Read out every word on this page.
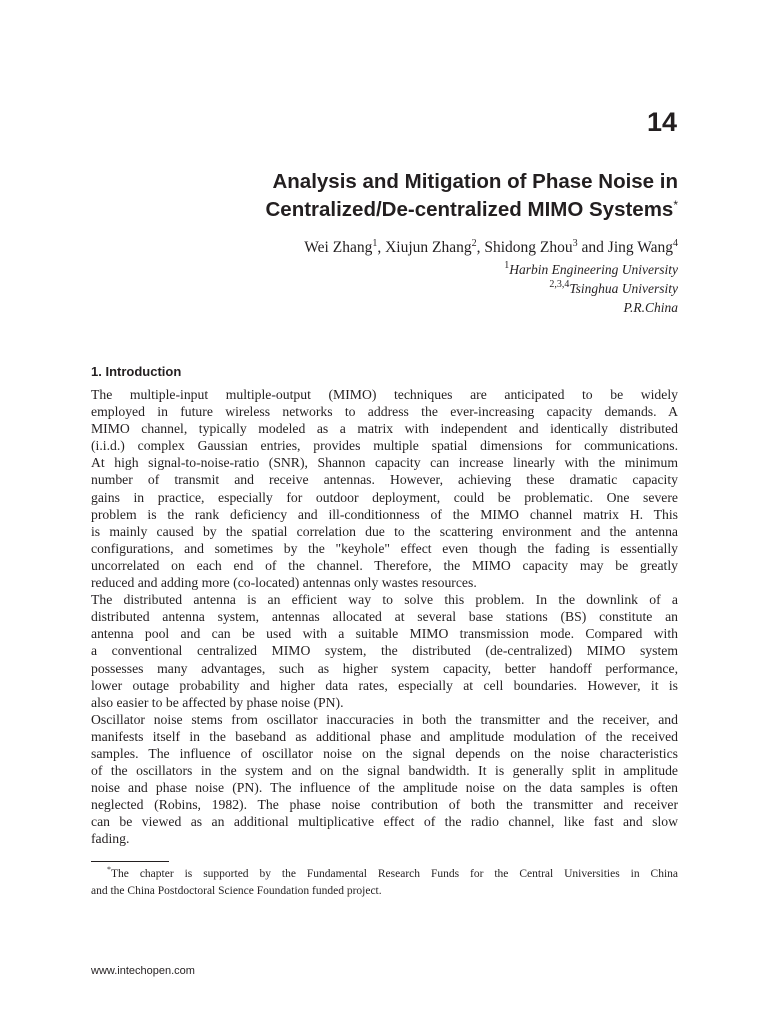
14
Analysis and Mitigation of Phase Noise in
Centralized/De-centralized MIMO Systems*
Wei Zhang$^1$, Xiujun Zhang$^2$, Shidong Zhou$^3$ and Jing Wang$^4$
$^1$Harbin Engineering University
$^{2,3,4}$Tsinghua University
P.R.China
1. Introduction
The multiple-input multiple-output (MIMO) techniques are anticipated to be widely
employed in future wireless networks to address the ever-increasing capacity demands. A
MIMO channel, typically modeled as a matrix with independent and identically distributed
(i.i.d.) complex Gaussian entries, provides multiple spatial dimensions for communications.
At high signal-to-noise-ratio (SNR), Shannon capacity can increase linearly with the minimum
number of transmit and receive antennas. However, achieving these dramatic capacity
gains in practice, especially for outdoor deployment, could be problematic. One severe
problem is the rank deficiency and ill-conditionness of the MIMO channel matrix H. This
is mainly caused by the spatial correlation due to the scattering environment and the antenna
configurations, and sometimes by the "keyhole" effect even though the fading is essentially
uncorrelated on each end of the channel. Therefore, the MIMO capacity may be greatly
reduced and adding more (co-located) antennas only wastes resources.
The distributed antenna is an efficient way to solve this problem. In the downlink of a
distributed antenna system, antennas allocated at several base stations (BS) constitute an
antenna pool and can be used with a suitable MIMO transmission mode. Compared with
a conventional centralized MIMO system, the distributed (de-centralized) MIMO system
possesses many advantages, such as higher system capacity, better handoff performance,
lower outage probability and higher data rates, especially at cell boundaries. However, it is
also easier to be affected by phase noise (PN).
Oscillator noise stems from oscillator inaccuracies in both the transmitter and the receiver, and
manifests itself in the baseband as additional phase and amplitude modulation of the received
samples. The influence of oscillator noise on the signal depends on the noise characteristics
of the oscillators in the system and on the signal bandwidth. It is generally split in amplitude
noise and phase noise (PN). The influence of the amplitude noise on the data samples is often
neglected (Robins, 1982). The phase noise contribution of both the transmitter and receiver
can be viewed as an additional multiplicative effect of the radio channel, like fast and slow
fading.
*The chapter is supported by the Fundamental Research Funds for the Central Universities in China
and the China Postdoctoral Science Foundation funded project.
www.intechopen.com
